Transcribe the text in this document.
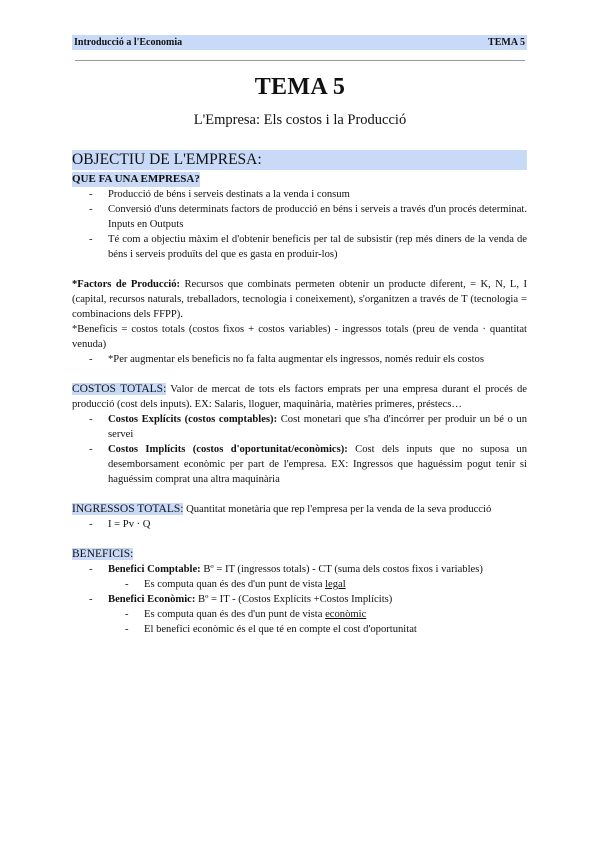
Introducció a l'Economia	TEMA 5
TEMA 5
L'Empresa: Els costos i la Producció
OBJECTIU DE L'EMPRESA:
QUE FA UNA EMPRESA?
- Producció de béns i serveis destinats a la venda i consum
- Conversió d'uns determinats factors de producció en béns i serveis a través d'un procés determinat. Inputs en Outputs
- Té com a objectiu màxim el d'obtenir beneficis per tal de subsistir (rep més diners de la venda de béns i serveis produïts del que es gasta en produir-los)
*Factors de Producció: Recursos que combinats permeten obtenir un producte diferent, = K, N, L, I (capital, recursos naturals, treballadors, tecnologia i coneixement), s'organitzen a través de T (tecnologia = combinacions dels FFPP).
*Beneficis = costos totals (costos fixos + costos variables) - ingressos totals (preu de venda · quantitat venuda)
- *Per augmentar els beneficis no fa falta augmentar els ingressos, només reduir els costos
COSTOS TOTALS: Valor de mercat de tots els factors emprats per una empresa durant el procés de producció (cost dels inputs). EX: Salaris, lloguer, maquinària, matèries primeres, préstecs…
- Costos Explícits (costos comptables): Cost monetari que s'ha d'incórrer per produir un bé o un servei
- Costos Implícits (costos d'oportunitat/econòmics): Cost dels inputs que no suposa un desemborsament econòmic per part de l'empresa. EX: Ingressos que haguéssim pogut tenir si haguéssim comprat una altra maquinària
INGRESSOS TOTALS: Quantitat monetària que rep l'empresa per la venda de la seva producció
- I = Pv · Q
BENEFICIS:
- Benefici Comptable: Bº = IT (ingressos totals) - CT (suma dels costos fixos i variables)
- Es computa quan és des d'un punt de vista legal
- Benefici Econòmic: Bº = IT - (Costos Explícits +Costos Implícits)
- Es computa quan és des d'un punt de vista econòmic
- El benefici econòmic és el que té en compte el cost d'oportunitat
